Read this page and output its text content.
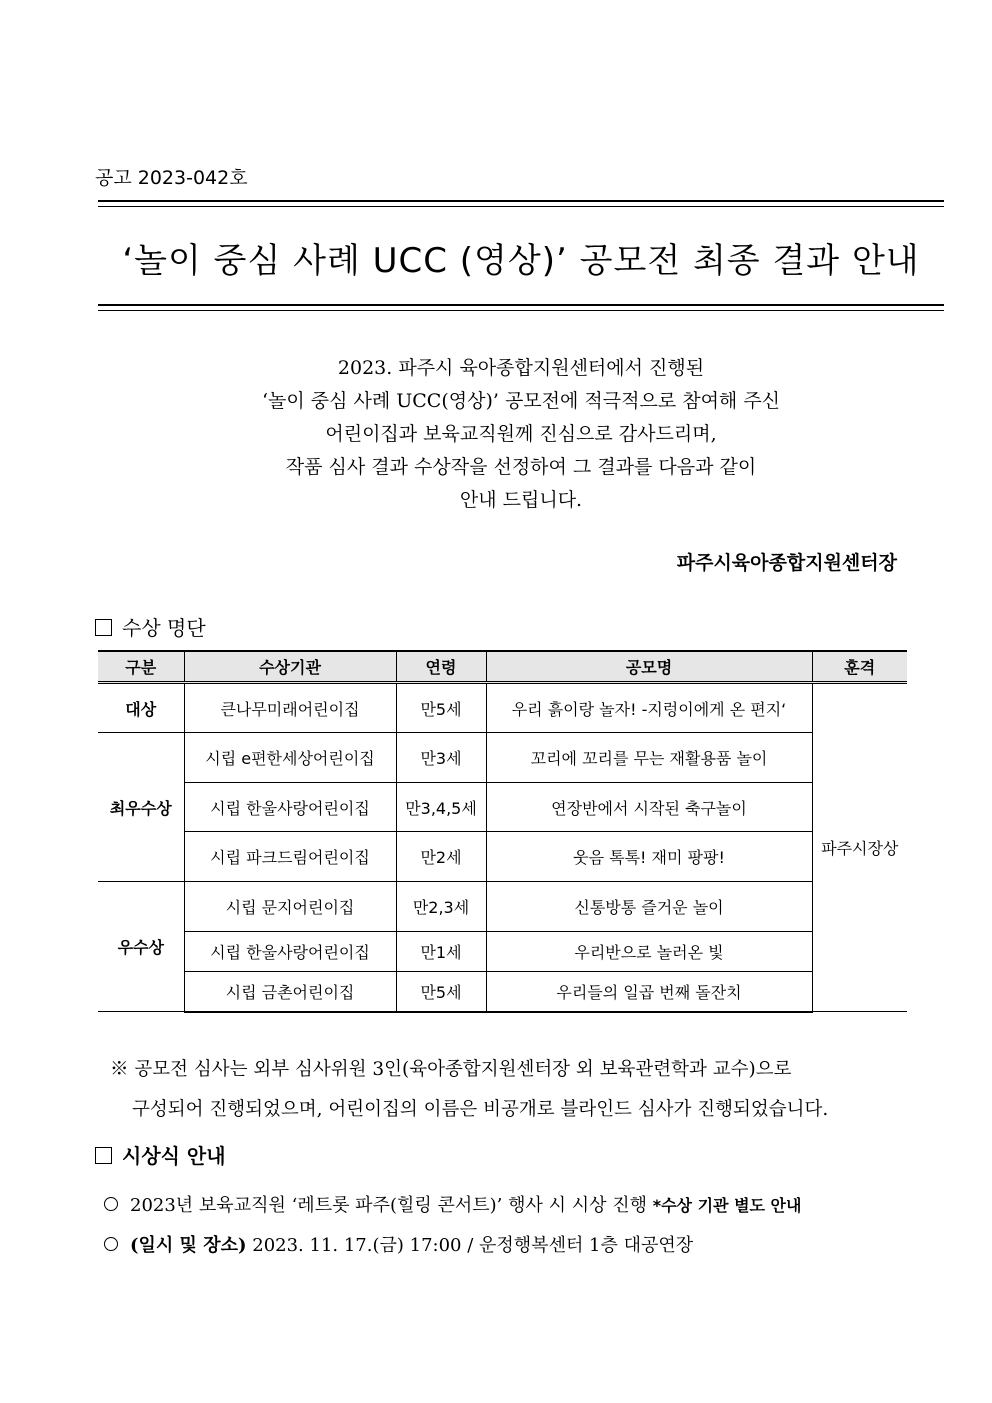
공고 2023-042호
‘놀이 중심 사례 UCC (영상)’ 공모전 최종 결과 안내
2023. 파주시 육아종합지원센터에서 진행된
‘놀이 중심 사례 UCC(영상)’ 공모전에 적극적으로 참여해 주신
어린이집과 보육교직원께 진심으로 감사드리며,
작품 심사 결과 수상작을 선정하여 그 결과를 다음과 같이
안내 드립니다.
파주시육아종합지원센터장
수상 명단
구분	수상기관	연령	공모명	훈격
대상	큰나무미래어린이집	만5세	우리 흙이랑 놀자! -지렁이에게 온 편지‘	파주시장상
최우수상	시립 e편한세상어린이집	만3세	꼬리에 꼬리를 무는 재활용품 놀이	
	시립 한울사랑어린이집	만3,4,5세	연장반에서 시작된 축구놀이	
	시립 파크드림어린이집	만2세	웃음 톡톡! 재미 팡팡!	
우수상	시립 문지어린이집	만2,3세	신통방통 즐거운 놀이	
	시립 한울사랑어린이집	만1세	우리반으로 놀러온 빛	
	시립 금촌어린이집	만5세	우리들의 일곱 번째 돌잔치	
※ 공모전 심사는 외부 심사위원 3인(육아종합지원센터장 외 보육관련학과 교수)으로
구성되어 진행되었으며, 어린이집의 이름은 비공개로 블라인드 심사가 진행되었습니다.
시상식 안내
2023년 보육교직원 ‘레트롯 파주(힐링 콘서트)’ 행사 시 시상 진행 *수상 기관 별도 안내
(일시 및 장소) 2023. 11. 17.(금) 17:00 / 운정행복센터 1층 대공연장
